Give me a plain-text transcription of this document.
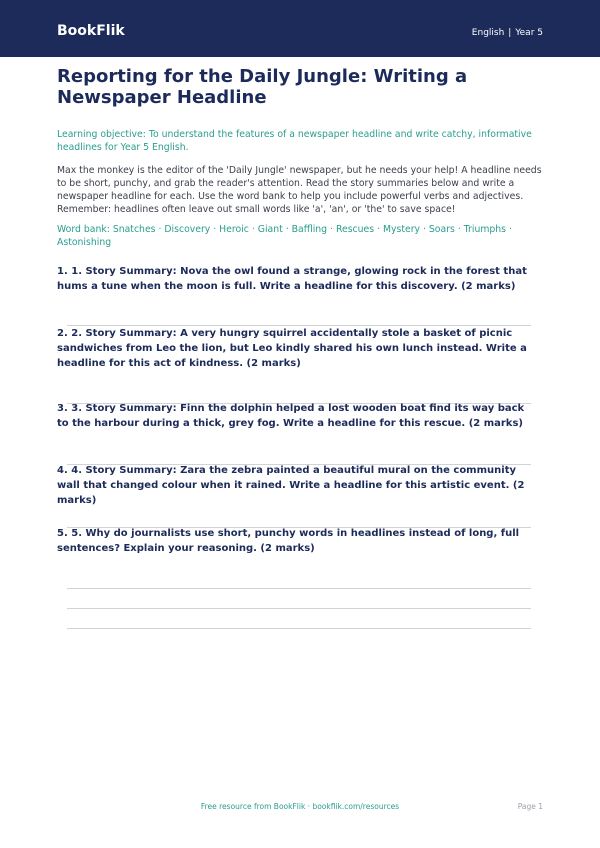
BookFlik	English | Year 5
Reporting for the Daily Jungle: Writing a Newspaper Headline

Learning objective: To understand the features of a newspaper headline and write catchy, informative headlines for Year 5 English.

Max the monkey is the editor of the 'Daily Jungle' newspaper, but he needs your help! A headline needs to be short, punchy, and grab the reader's attention. Read the story summaries below and write a newspaper headline for each. Use the word bank to help you include powerful verbs and adjectives. Remember: headlines often leave out small words like 'a', 'an', or 'the' to save space!

Word bank: Snatches · Discovery · Heroic · Giant · Baffling · Rescues · Mystery · Soars · Triumphs · Astonishing

1. 1. Story Summary: Nova the owl found a strange, glowing rock in the forest that hums a tune when the moon is full. Write a headline for this discovery. (2 marks)
2. 2. Story Summary: A very hungry squirrel accidentally stole a basket of picnic sandwiches from Leo the lion, but Leo kindly shared his own lunch instead. Write a headline for this act of kindness. (2 marks)
3. 3. Story Summary: Finn the dolphin helped a lost wooden boat find its way back to the harbour during a thick, grey fog. Write a headline for this rescue. (2 marks)
4. 4. Story Summary: Zara the zebra painted a beautiful mural on the community wall that changed colour when it rained. Write a headline for this artistic event. (2 marks)
5. 5. Why do journalists use short, punchy words in headlines instead of long, full sentences? Explain your reasoning. (2 marks)
Free resource from BookFlik · bookflik.com/resources	Page 1
